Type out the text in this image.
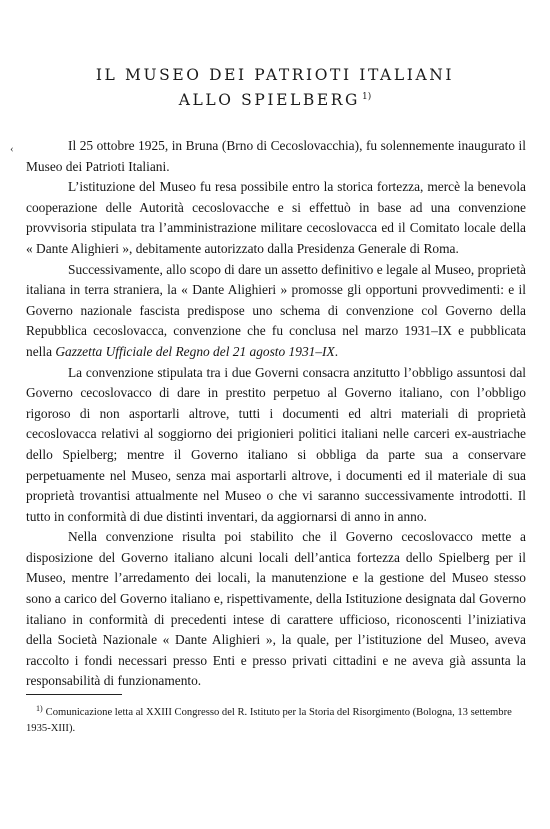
IL MUSEO DEI PATRIOTI ITALIANI
ALLO SPIELBERG $^{1)}$
‹	Il 25 ottobre 1925, in Bruna (Brno di Cecoslovacchia), fu solennemente inaugurato il Museo dei Patrioti Italiani.

L’istituzione del Museo fu resa possibile entro la storica fortezza, mercè la benevola cooperazione delle Autorità cecoslovacche e si effettuò in base ad una convenzione provvisoria stipulata tra l’amministrazione militare cecoslovacca ed il Comitato locale della « Dante Alighieri », debitamente autorizzato dalla Presidenza Generale di Roma.

Successivamente, allo scopo di dare un assetto definitivo e legale al Museo, proprietà italiana in terra straniera, la « Dante Alighieri » promosse gli opportuni provvedimenti: e il Governo nazionale fascista predispose uno schema di convenzione col Governo della Repubblica cecoslovacca, convenzione che fu conclusa nel marzo 1931–IX e pubblicata nella Gazzetta Ufficiale del Regno del 21 agosto 1931–IX.

La convenzione stipulata tra i due Governi consacra anzitutto l’obbligo assuntosi dal Governo cecoslovacco di dare in prestito perpetuo al Governo italiano, con l’obbligo rigoroso di non asportarli altrove, tutti i documenti ed altri materiali di proprietà cecoslovacca relativi al soggiorno dei prigionieri politici italiani nelle carceri ex-austriache dello Spielberg; mentre il Governo italiano si obbliga da parte sua a conservare perpetuamente nel Museo, senza mai asportarli altrove, i documenti ed il materiale di sua proprietà trovantisi attualmente nel Museo o che vi saranno successivamente introdotti. Il tutto in conformità di due distinti inventari, da aggiornarsi di anno in anno.

Nella convenzione risulta poi stabilito che il Governo cecoslovacco mette a disposizione del Governo italiano alcuni locali dell’antica fortezza dello Spielberg per il Museo, mentre l’arredamento dei locali, la manutenzione e la gestione del Museo stesso sono a carico del Governo italiano e, rispettivamente, della Istituzione designata dal Governo italiano in conformità di precedenti intese di carattere ufficioso, riconoscenti l’iniziativa della Società Nazionale « Dante Alighieri », la quale, per l’istituzione del Museo, aveva raccolto i fondi necessari presso Enti e presso privati cittadini e ne aveva già assunta la responsabilità di funzionamento.

$^{1)}$ Comunicazione letta al XXIII Congresso del R. Istituto per la Storia del Risorgimento (Bologna, 13 settembre 1935-XIII).
